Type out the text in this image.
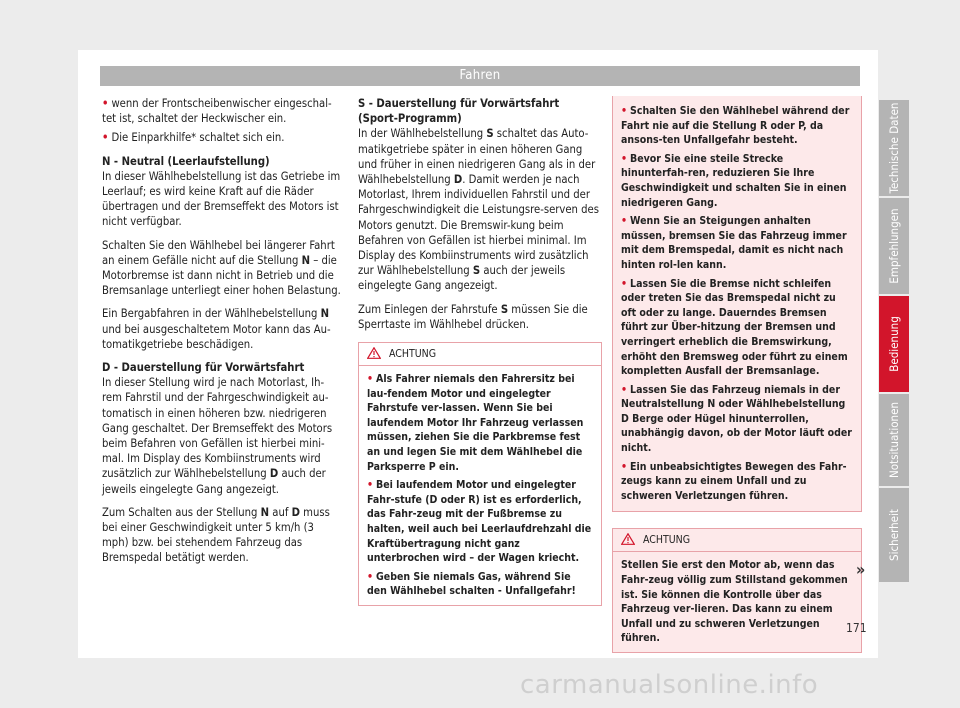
Fahren

• wenn der Frontscheibenwischer eingeschal-tet ist, schaltet der Heckwischer ein.

• Die Einparkhilfe* schaltet sich ein.

N - Neutral (Leerlaufstellung)

In dieser Wählhebelstellung ist das Getriebe im Leerlauf; es wird keine Kraft auf die Räder übertragen und der Bremseffekt des Motors ist nicht verfügbar.

Schalten Sie den Wählhebel bei längerer Fahrt an einem Gefälle nicht auf die Stellung N – die Motorbremse ist dann nicht in Betrieb und die Bremsanlage unterliegt einer hohen Belastung.

Ein Bergabfahren in der Wählhebelstellung N und bei ausgeschaltetem Motor kann das Au-tomatikgetriebe beschädigen.

D - Dauerstellung für Vorwärtsfahrt

In dieser Stellung wird je nach Motorlast, Ih-rem Fahrstil und der Fahrgeschwindigkeit au-tomatisch in einen höheren bzw. niedrigeren Gang geschaltet. Der Bremseffekt des Motors beim Befahren von Gefällen ist hierbei mini-mal. Im Display des Kombiinstruments wird zusätzlich zur Wählhebelstellung D auch der jeweils eingelegte Gang angezeigt.

Zum Schalten aus der Stellung N auf D muss bei einer Geschwindigkeit unter 5 km/h (3 mph) bzw. bei stehendem Fahrzeug das Bremspedal betätigt werden.

S - Dauerstellung für Vorwärtsfahrt (Sport-Programm)

In der Wählhebelstellung S schaltet das Auto-matikgetriebe später in einen höheren Gang und früher in einen niedrigeren Gang als in der Wählhebelstellung D. Damit werden je nach Motorlast, Ihrem individuellen Fahrstil und der Fahrgeschwindigkeit die Leistungsre-serven des Motors genutzt. Die Bremswir-kung beim Befahren von Gefällen ist hierbei minimal. Im Display des Kombiinstruments wird zusätzlich zur Wählhebelstellung S auch der jeweils eingelegte Gang angezeigt.

Zum Einlegen der Fahrstufe S müssen Sie die Sperrtaste im Wählhebel drücken.

ACHTUNG
• Als Fahrer niemals den Fahrersitz bei lau-fendem Motor und eingelegter Fahrstufe ver-lassen. Wenn Sie bei laufendem Motor Ihr Fahrzeug verlassen müssen, ziehen Sie die Parkbremse fest an und legen Sie mit dem Wählhebel die Parksperre P ein.
• Bei laufendem Motor und eingelegter Fahr-stufe (D oder R) ist es erforderlich, das Fahr-zeug mit der Fußbremse zu halten, weil auch bei Leerlaufdrehzahl die Kraftübertragung nicht ganz unterbrochen wird – der Wagen kriecht.
• Geben Sie niemals Gas, während Sie den Wählhebel schalten - Unfallgefahr!
• Schalten Sie den Wählhebel während der Fahrt nie auf die Stellung R oder P, da ansons-ten Unfallgefahr besteht.
• Bevor Sie eine steile Strecke hinunterfah-ren, reduzieren Sie Ihre Geschwindigkeit und schalten Sie in einen niedrigeren Gang.
• Wenn Sie an Steigungen anhalten müssen, bremsen Sie das Fahrzeug immer mit dem Bremspedal, damit es nicht nach hinten rol-len kann.
• Lassen Sie die Bremse nicht schleifen oder treten Sie das Bremspedal nicht zu oft oder zu lange. Dauerndes Bremsen führt zur Über-hitzung der Bremsen und verringert erheblich die Bremswirkung, erhöht den Bremsweg oder führt zu einem kompletten Ausfall der Bremsanlage.
• Lassen Sie das Fahrzeug niemals in der Neutralstellung N oder Wählhebelstellung D Berge oder Hügel hinunterrollen, unabhängig davon, ob der Motor läuft oder nicht.
• Ein unbeabsichtigtes Bewegen des Fahr-zeugs kann zu einem Unfall und zu schweren Verletzungen führen.
ACHTUNG
Stellen Sie erst den Motor ab, wenn das Fahr-zeug völlig zum Stillstand gekommen ist. Sie können die Kontrolle über das Fahrzeug ver-lieren. Das kann zu einem Unfall und zu schweren Verletzungen führen.
»
Technische Daten
Empfehlungen
Bedienung
Notsituationen
Sicherheit
171
carmanualsonline.info
